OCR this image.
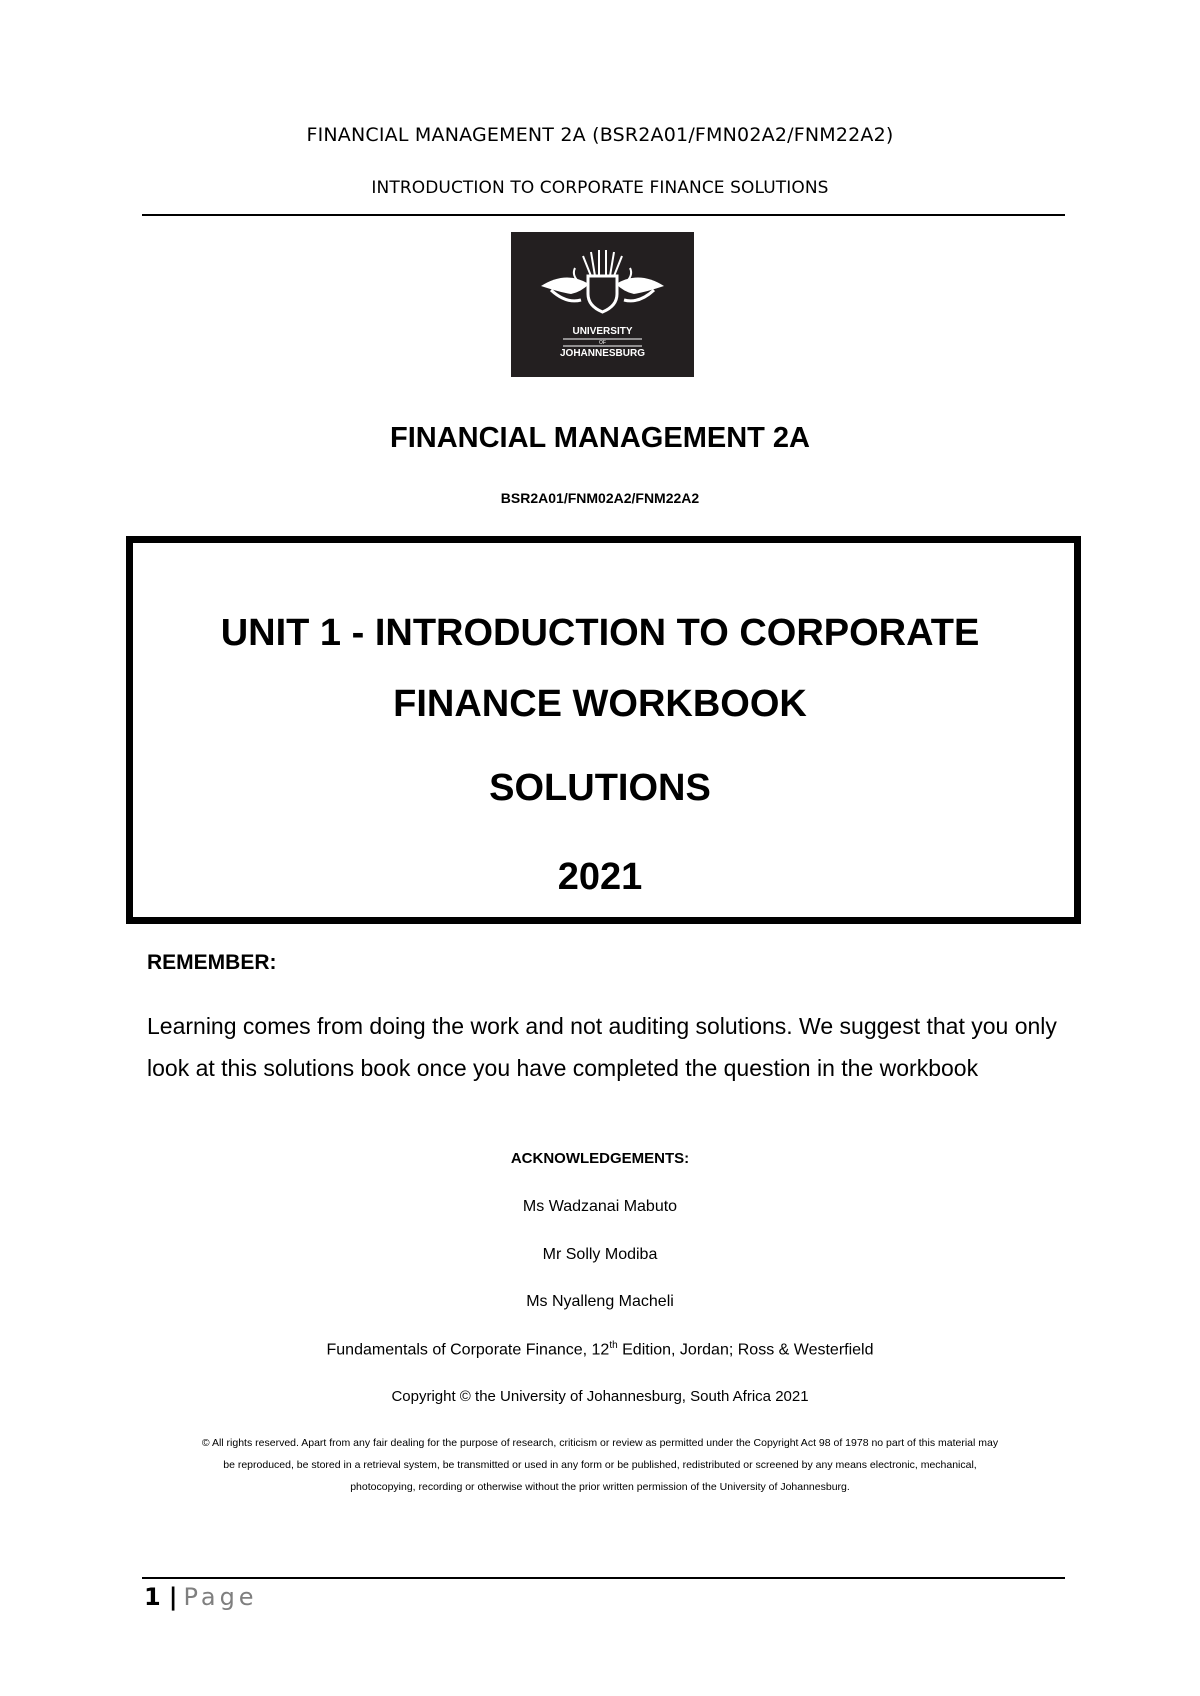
FINANCIAL MANAGEMENT 2A (BSR2A01/FMN02A2/FNM22A2)
INTRODUCTION TO CORPORATE FINANCE SOLUTIONS
UNIVERSITY
OF
JOHANNESBURG
FINANCIAL MANAGEMENT 2A
BSR2A01/FNM02A2/FNM22A2
UNIT 1 - INTRODUCTION TO CORPORATE
FINANCE WORKBOOK
SOLUTIONS
2021
REMEMBER:
Learning comes from doing the work and not auditing solutions. We suggest that you only look at this solutions book once you have completed the question in the workbook
ACKNOWLEDGEMENTS:
Ms Wadzanai Mabuto
Mr Solly Modiba
Ms Nyalleng Macheli
Fundamentals of Corporate Finance, 12th Edition, Jordan; Ross & Westerfield
Copyright © the University of Johannesburg, South Africa 2021
© All rights reserved. Apart from any fair dealing for the purpose of research, criticism or review as permitted under the Copyright Act 98 of 1978 no part of this material may be reproduced, be stored in a retrieval system, be transmitted or used in any form or be published, redistributed or screened by any means electronic, mechanical, photocopying, recording or otherwise without the prior written permission of the University of Johannesburg.
1 | Page
